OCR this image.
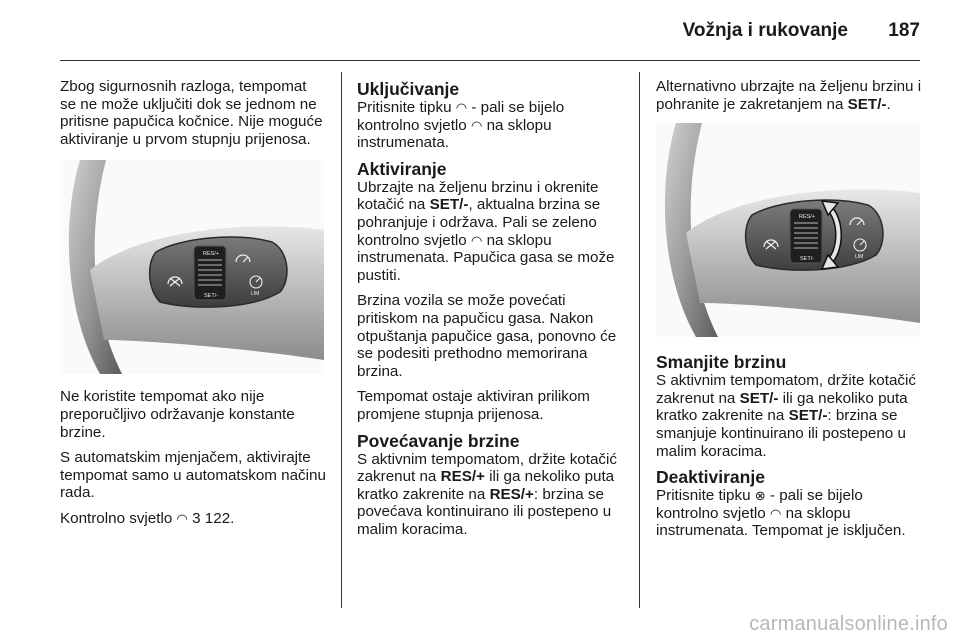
Vožnja i rukovanje 187

Zbog sigurnosnih razloga, tempomat se ne može uključiti dok se jednom ne pritisne papučica kočnice. Nije moguće aktiviranje u prvom stupnju prijenosa.

RES/+
SET/-	LIM

Ne koristite tempomat ako nije preporučljivo održavanje konstante brzine.

S automatskim mjenjačem, aktivirajte tempomat samo u automatskom načinu rada.

Kontrolno svjetlo ◠ 3 122.

Uključivanje

Pritisnite tipku ◠ - pali se bijelo kontrolno svjetlo ◠ na sklopu instrumenata.

Aktiviranje

Ubrzajte na željenu brzinu i okrenite kotačić na SET/-, aktualna brzina se pohranjuje i održava. Pali se zeleno kontrolno svjetlo ◠ na sklopu instrumenata. Papučica gasa se može pustiti.

Brzina vozila se može povećati pritiskom na papučicu gasa. Nakon otpuštanja papučice gasa, ponovno će se podesiti prethodno memorirana brzina.

Tempomat ostaje aktiviran prilikom promjene stupnja prijenosa.

Povećavanje brzine

S aktivnim tempomatom, držite kotačić zakrenut na RES/+ ili ga nekoliko puta kratko zakrenite na RES/+: brzina se povećava kontinuirano ili postepeno u malim koracima.

Alternativno ubrzajte na željenu brzinu i pohranite je zakretanjem na SET/-.

RES/+
SET/-	LIM
Smanjite brzinu

S aktivnim tempomatom, držite kotačić zakrenut na SET/- ili ga nekoliko puta kratko zakrenite na SET/-: brzina se smanjuje kontinuirano ili postepeno u malim koracima.

Deaktiviranje

Pritisnite tipku ⊗ - pali se bijelo kontrolno svjetlo ◠ na sklopu instrumenata. Tempomat je isključen.

carmanualsonline.info
